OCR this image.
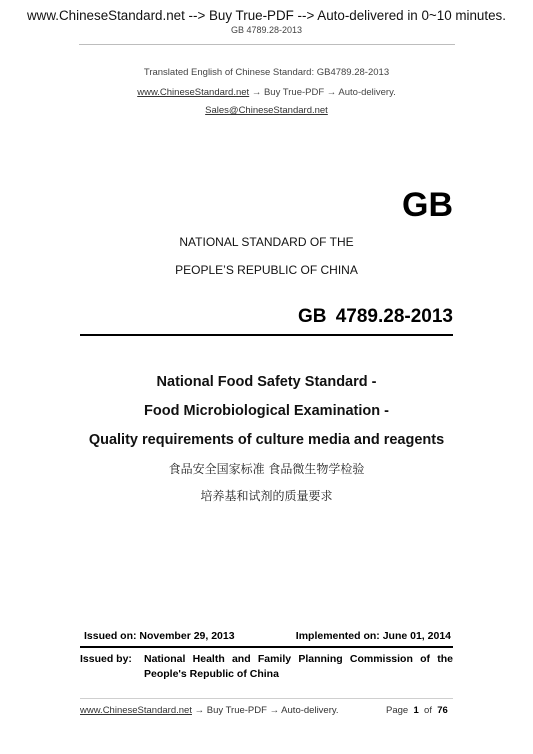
www.ChineseStandard.net --> Buy True-PDF --> Auto-delivered in 0~10 minutes.
GB 4789.28-2013
Translated English of Chinese Standard: GB4789.28-2013
www.ChineseStandard.net → Buy True-PDF → Auto-delivery.
Sales@ChineseStandard.net
GB
NATIONAL STANDARD OF THE
PEOPLE’S REPUBLIC OF CHINA
GB 4789.28-2013
National Food Safety Standard -
Food Microbiological Examination -
Quality requirements of culture media and reagents
食品安全国家标准 食品微生物学检验
培养基和试剂的质量要求
Issued on: November 29, 2013	Implemented on: June 01, 2014
Issued by: National Health and Family Planning Commission of the People's Republic of China
www.ChineseStandard.net → Buy True-PDF → Auto-delivery.	Page 1 of 76
